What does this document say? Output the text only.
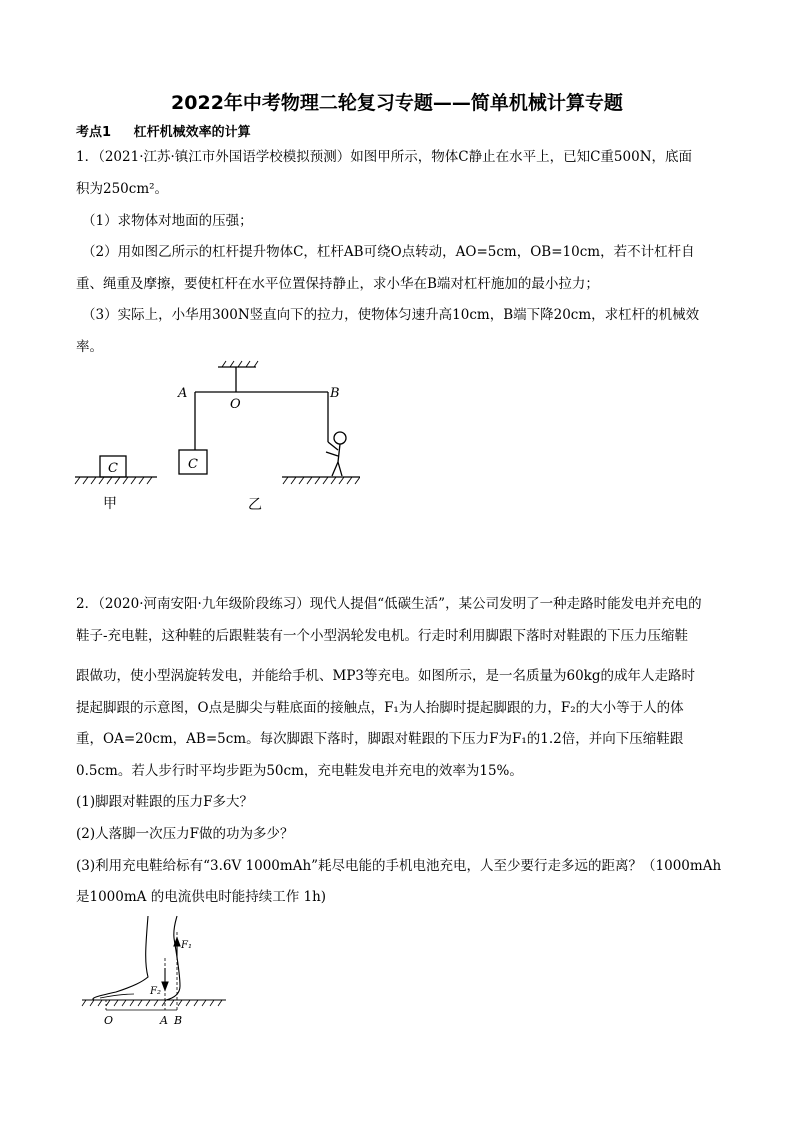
2022年中考物理二轮复习专题——简单机械计算专题
考点1 杠杆机械效率的计算
1．（2021·江苏·镇江市外国语学校模拟预测）如图甲所示，物体C静止在水平上，已知C重500N，底面
积为250cm²。
（1）求物体对地面的压强；
（2）用如图乙所示的杠杆提升物体C，杠杆AB可绕O点转动，AO=5cm，OB=10cm，若不计杠杆自
重、绳重及摩擦，要使杠杆在水平位置保持静止，求小华在B端对杠杆施加的最小拉力；
（3）实际上，小华用300N竖直向下的拉力，使物体匀速升高10cm，B端下降20cm，求杠杆的机械效
率。
A
O
B
C	C
甲	乙
2．（2020·河南安阳·九年级阶段练习）现代人提倡“低碳生活”，某公司发明了一种走路时能发电并充电的
鞋子-充电鞋，这种鞋的后跟鞋装有一个小型涡轮发电机。行走时利用脚跟下落时对鞋跟的下压力压缩鞋
跟做功，使小型涡旋转发电，并能给手机、MP3等充电。如图所示，是一名质量为60kg的成年人走路时
提起脚跟的示意图，O点是脚尖与鞋底面的接触点，F₁为人抬脚时提起脚跟的力，F₂的大小等于人的体
重，OA=20cm，AB=5cm。每次脚跟下落时，脚跟对鞋跟的下压力F为F₁的1.2倍，并向下压缩鞋跟
0.5cm。若人步行时平均步距为50cm，充电鞋发电并充电的效率为15%。
(1)脚跟对鞋跟的压力F多大？
(2)人落脚一次压力F做的功为多少？
(3)利用充电鞋给标有“3.6V 1000mAh”耗尽电能的手机电池充电，人至少要行走多远的距离？（1000mAh
是1000mA 的电流供电时能持续工作 1h)
F₁
F₂
O	A B
